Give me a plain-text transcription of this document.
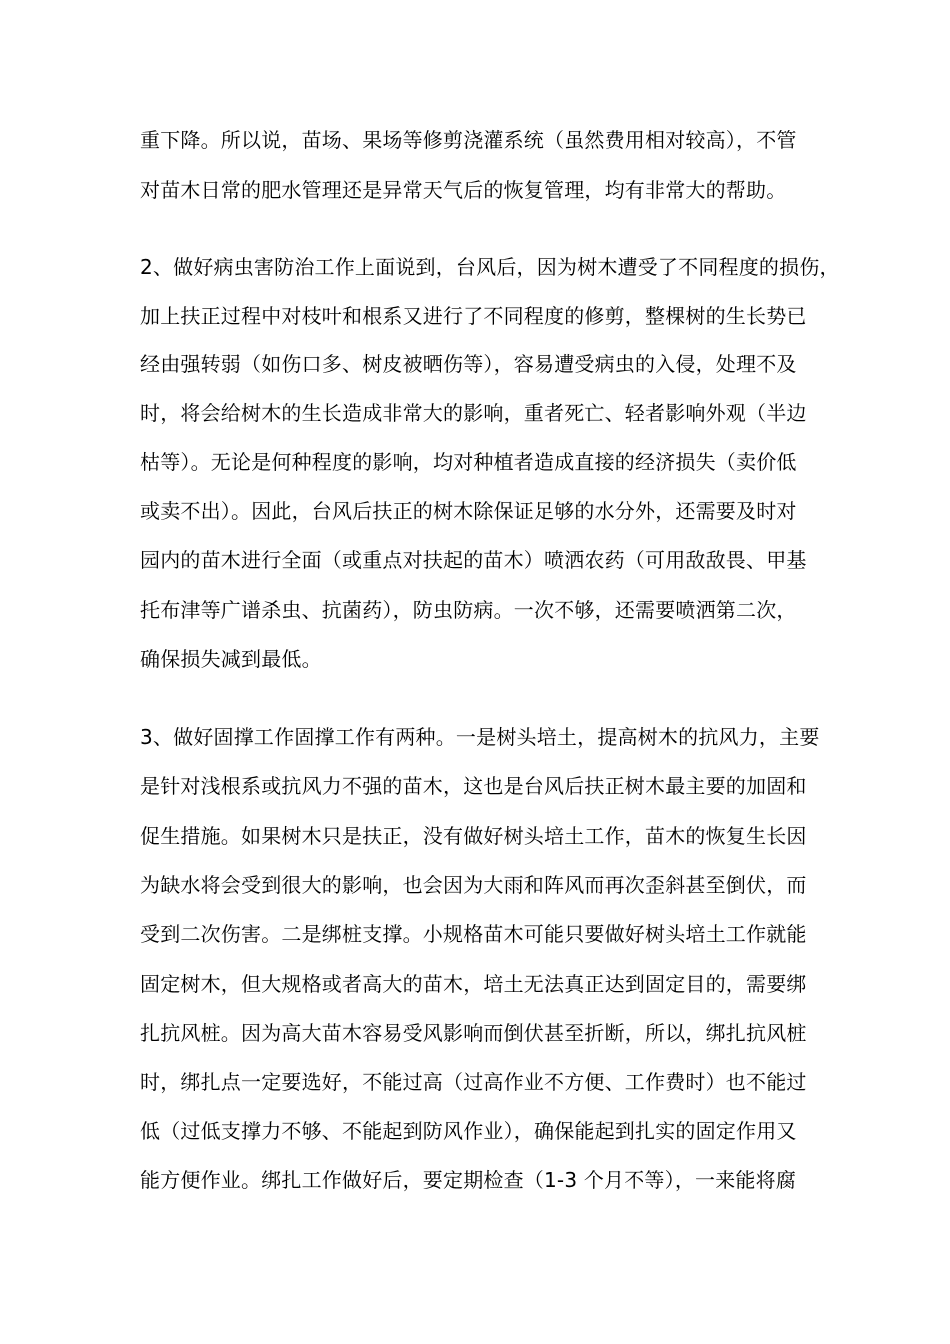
重下降。所以说，苗场、果场等修剪浇灌系统（虽然费用相对较高），不管
对苗木日常的肥水管理还是异常天气后的恢复管理，均有非常大的帮助。
2、做好病虫害防治工作上面说到，台风后，因为树木遭受了不同程度的损伤，
加上扶正过程中对枝叶和根系又进行了不同程度的修剪，整棵树的生长势已
经由强转弱（如伤口多、树皮被晒伤等），容易遭受病虫的入侵，处理不及
时，将会给树木的生长造成非常大的影响，重者死亡、轻者影响外观（半边
枯等）。无论是何种程度的影响，均对种植者造成直接的经济损失（卖价低
或卖不出）。因此，台风后扶正的树木除保证足够的水分外，还需要及时对
园内的苗木进行全面（或重点对扶起的苗木）喷洒农药（可用敌敌畏、甲基
托布津等广谱杀虫、抗菌药），防虫防病。一次不够，还需要喷洒第二次，
确保损失减到最低。
3、做好固撑工作固撑工作有两种。一是树头培土，提高树木的抗风力，主要
是针对浅根系或抗风力不强的苗木，这也是台风后扶正树木最主要的加固和
促生措施。如果树木只是扶正，没有做好树头培土工作，苗木的恢复生长因
为缺水将会受到很大的影响，也会因为大雨和阵风而再次歪斜甚至倒伏，而
受到二次伤害。二是绑桩支撑。小规格苗木可能只要做好树头培土工作就能
固定树木，但大规格或者高大的苗木，培土无法真正达到固定目的，需要绑
扎抗风桩。因为高大苗木容易受风影响而倒伏甚至折断，所以，绑扎抗风桩
时，绑扎点一定要选好，不能过高（过高作业不方便、工作费时）也不能过
低（过低支撑力不够、不能起到防风作业），确保能起到扎实的固定作用又
能方便作业。绑扎工作做好后，要定期检查（1-3 个月不等），一来能将腐
